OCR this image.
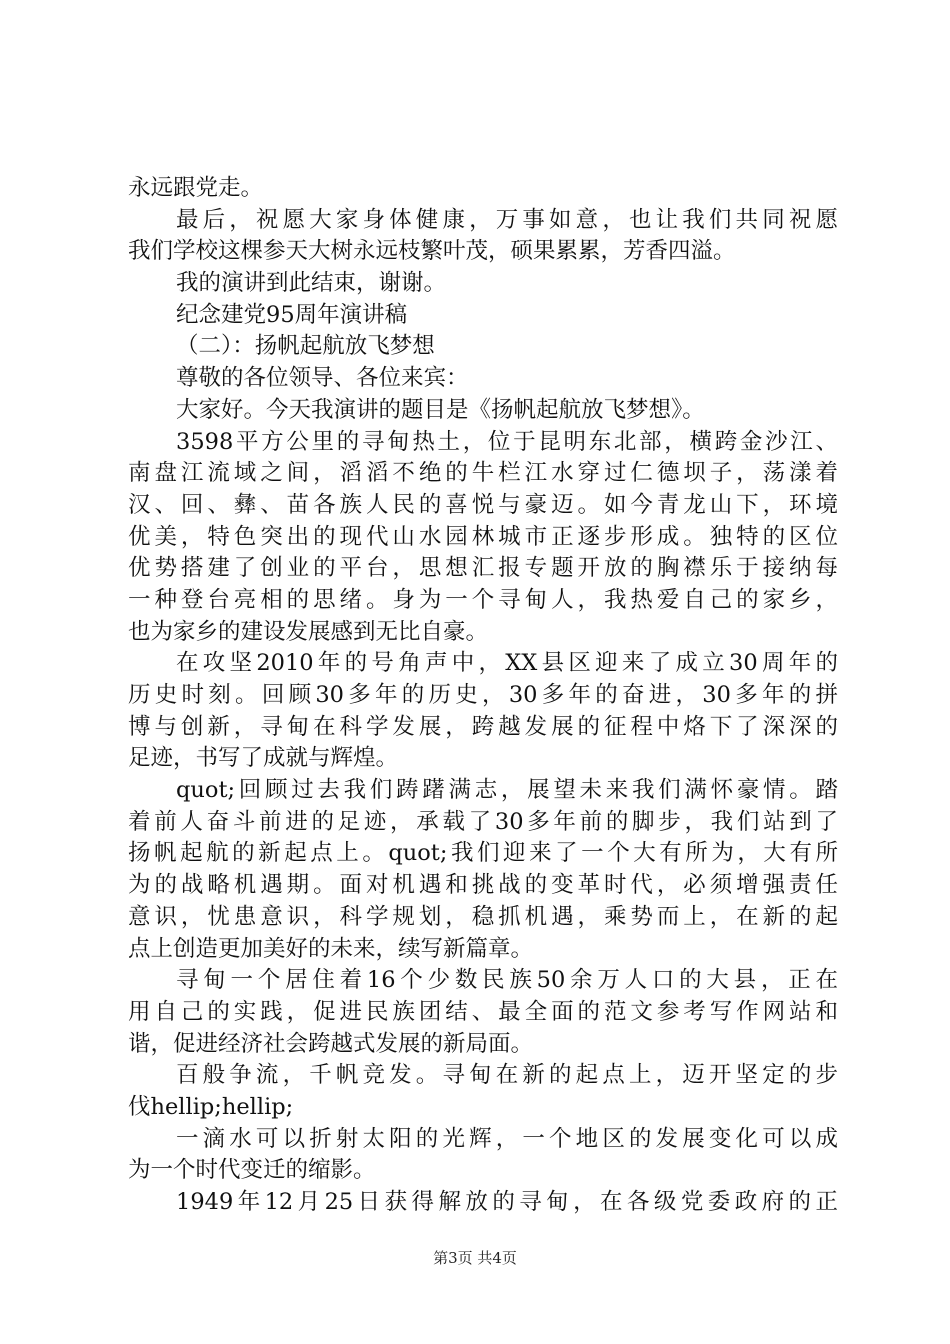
永远跟党走。
最后，祝愿大家身体健康，万事如意，也让我们共同祝愿
我们学校这棵参天大树永远枝繁叶茂，硕果累累，芳香四溢。
我的演讲到此结束，谢谢。
纪念建党95周年演讲稿
（二）：扬帆起航放飞梦想
尊敬的各位领导、各位来宾：
大家好。今天我演讲的题目是《扬帆起航放飞梦想》。
3598平方公里的寻甸热土，位于昆明东北部，横跨金沙江、
南盘江流域之间，滔滔不绝的牛栏江水穿过仁德坝子，荡漾着
汉、回、彝、苗各族人民的喜悦与豪迈。如今青龙山下，环境
优美，特色突出的现代山水园林城市正逐步形成。独特的区位
优势搭建了创业的平台，思想汇报专题开放的胸襟乐于接纳每
一种登台亮相的思绪。身为一个寻甸人，我热爱自己的家乡，
也为家乡的建设发展感到无比自豪。
在攻坚2010年的号角声中，XX县区迎来了成立30周年的
历史时刻。回顾30多年的历史，30多年的奋进，30多年的拼
博与创新，寻甸在科学发展，跨越发展的征程中烙下了深深的
足迹，书写了成就与辉煌。
quot;回顾过去我们踌躇满志，展望未来我们满怀豪情。踏
着前人奋斗前进的足迹，承载了30多年前的脚步，我们站到了
扬帆起航的新起点上。quot;我们迎来了一个大有所为，大有所
为的战略机遇期。面对机遇和挑战的变革时代，必须增强责任
意识，忧患意识，科学规划，稳抓机遇，乘势而上，在新的起
点上创造更加美好的未来，续写新篇章。
寻甸一个居住着16个少数民族50余万人口的大县，正在
用自己的实践，促进民族团结、最全面的范文参考写作网站和
谐，促进经济社会跨越式发展的新局面。
百般争流，千帆竞发。寻甸在新的起点上，迈开坚定的步
伐hellip;hellip;
一滴水可以折射太阳的光辉，一个地区的发展变化可以成
为一个时代变迁的缩影。
1949年12月25日获得解放的寻甸，在各级党委政府的正
第3页 共4页
